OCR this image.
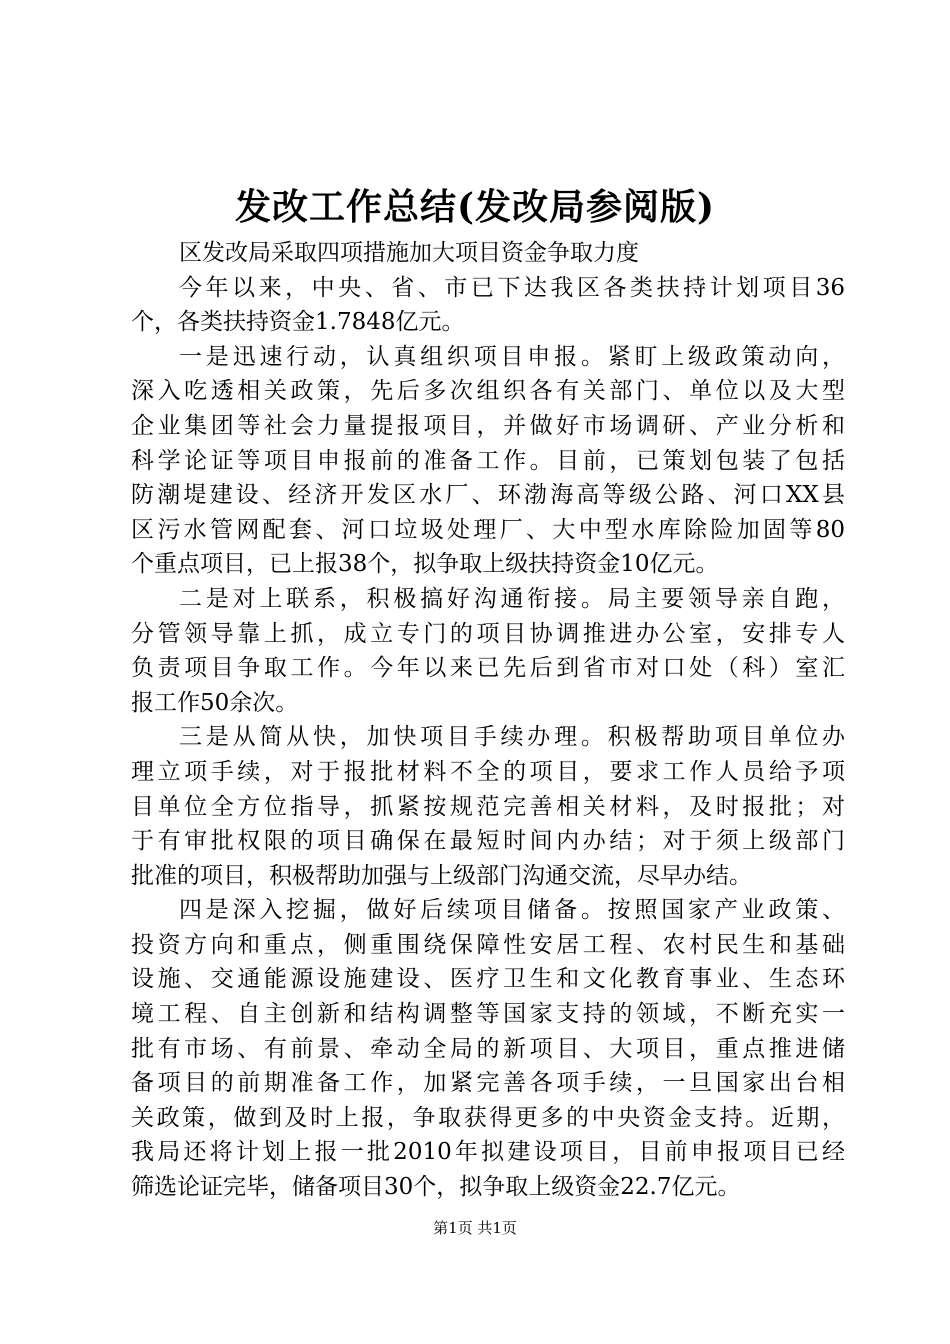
发改工作总结(发改局参阅版)
区发改局采取四项措施加大项目资金争取力度
今年以来，中央、省、市已下达我区各类扶持计划项目36
个，各类扶持资金1.7848亿元。
一是迅速行动，认真组织项目申报。紧盯上级政策动向，
深入吃透相关政策，先后多次组织各有关部门、单位以及大型
企业集团等社会力量提报项目，并做好市场调研、产业分析和
科学论证等项目申报前的准备工作。目前，已策划包装了包括
防潮堤建设、经济开发区水厂、环渤海高等级公路、河口XX县
区污水管网配套、河口垃圾处理厂、大中型水库除险加固等80
个重点项目，已上报38个，拟争取上级扶持资金10亿元。
二是对上联系，积极搞好沟通衔接。局主要领导亲自跑，
分管领导靠上抓，成立专门的项目协调推进办公室，安排专人
负责项目争取工作。今年以来已先后到省市对口处（科）室汇
报工作50余次。
三是从简从快，加快项目手续办理。积极帮助项目单位办
理立项手续，对于报批材料不全的项目，要求工作人员给予项
目单位全方位指导，抓紧按规范完善相关材料，及时报批；对
于有审批权限的项目确保在最短时间内办结；对于须上级部门
批准的项目，积极帮助加强与上级部门沟通交流，尽早办结。
四是深入挖掘，做好后续项目储备。按照国家产业政策、
投资方向和重点，侧重围绕保障性安居工程、农村民生和基础
设施、交通能源设施建设、医疗卫生和文化教育事业、生态环
境工程、自主创新和结构调整等国家支持的领域，不断充实一
批有市场、有前景、牵动全局的新项目、大项目，重点推进储
备项目的前期准备工作，加紧完善各项手续，一旦国家出台相
关政策，做到及时上报，争取获得更多的中央资金支持。近期，
我局还将计划上报一批2010年拟建设项目，目前申报项目已经
筛选论证完毕，储备项目30个，拟争取上级资金22.7亿元。
第1页 共1页
